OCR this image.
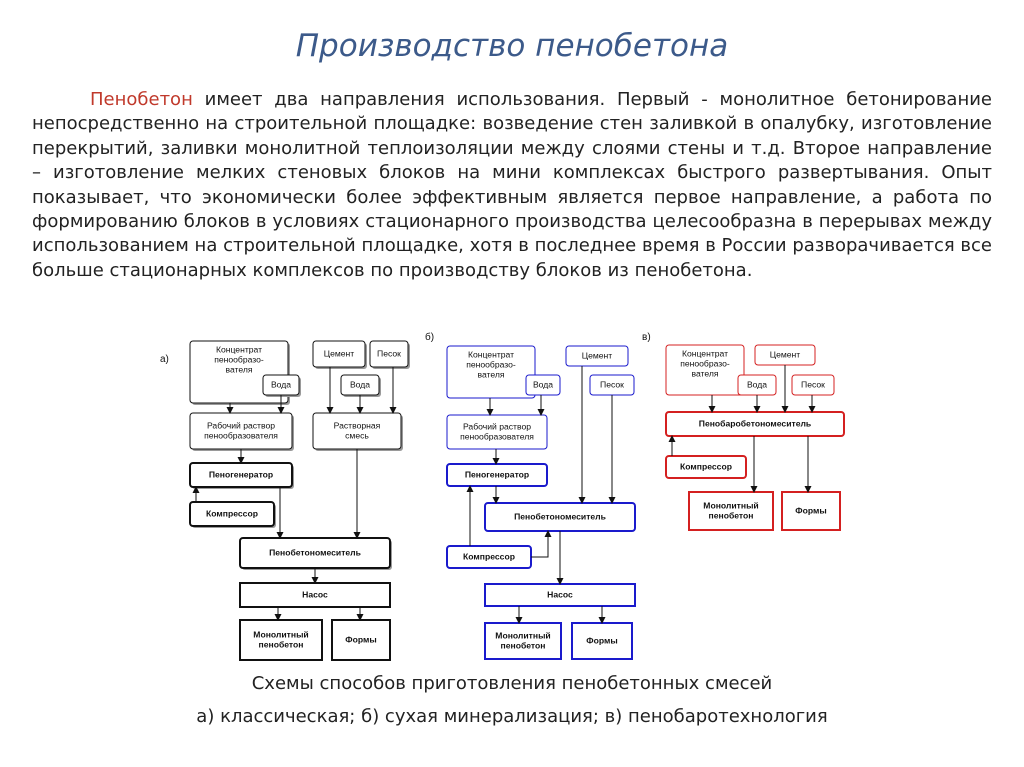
Производство пенобетона
Пенобетон имеет два направления использования. Первый - монолитное бетонирование непосредственно на строительной площадке: возведение стен заливкой в опалубку, изготовление перекрытий, заливки монолитной теплоизоляции между слоями стены и т.д. Второе направление – изготовление мелких стеновых блоков на мини комплексах быстрого развертывания. Опыт показывает, что экономически более эффективным является первое направление, а работа по формированию блоков в условиях стационарного производства целесообразна в перерывах между использованием на строительной площадке, хотя в последнее время в России разворачивается все больше стационарных комплексов по производству блоков из пенобетона.
а)
Концентрат пенообразо-вателя
Вода
Цемент	Песок
Вода
Рабочий раствор пенообразователя
Растворная смесь
Пеногенератор
Компрессор
Пенобетономеситель
Насос
Монолитный пенобетон	Формы
б)
Концентрат пенообразо-вателя
Вода
Цемент
Песок
Рабочий раствор пенообразователя
Пеногенератор
Пенобетономеситель
Компрессор
Насос
Монолитный пенобетон	Формы
в)
Концентрат пенообразо-вателя
Цемент
Вода	Песок
Пенобаробетономеситель
Компрессор
Монолитный пенобетон	Формы
Схемы способов приготовления пенобетонных смесей
а) классическая; б) сухая минерализация; в) пенобаротехнология
